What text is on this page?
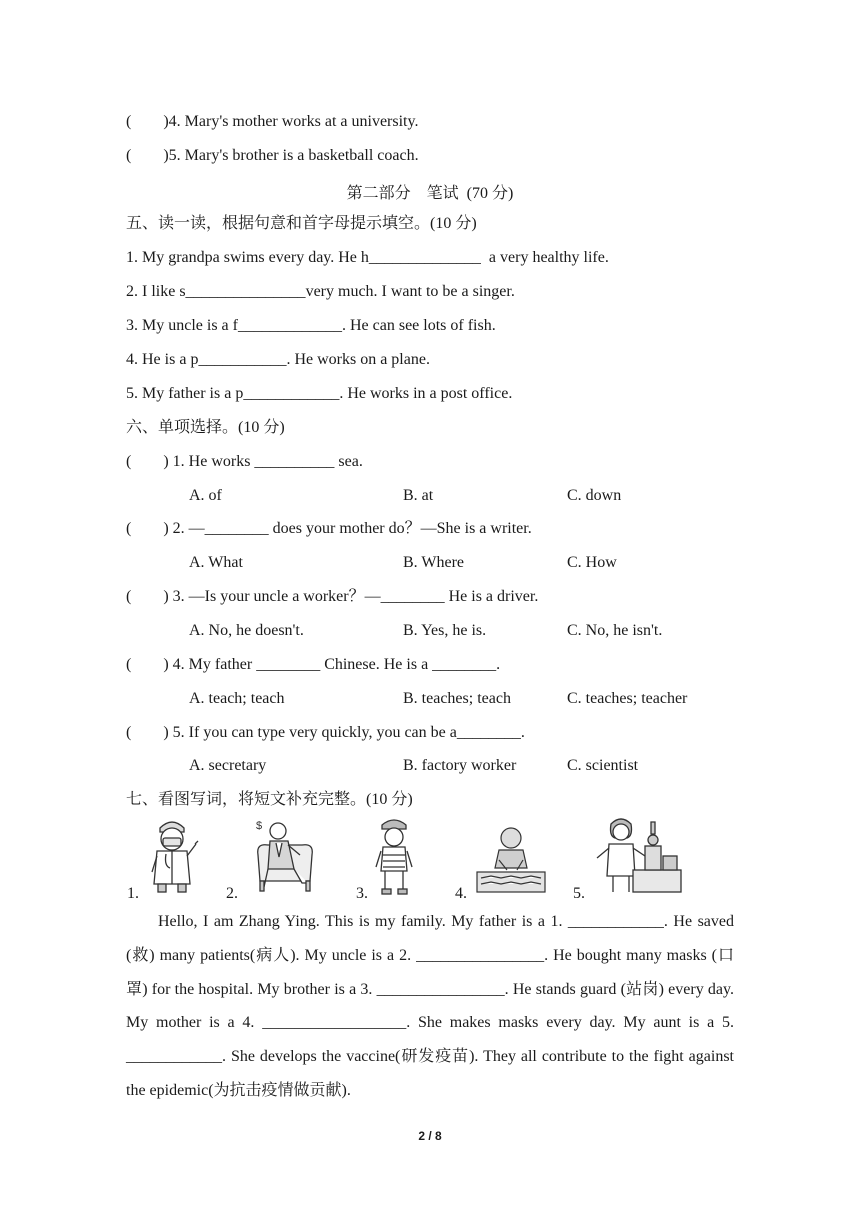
(        )4. Mary's mother works at a university.
(        )5. Mary's brother is a basketball coach.
第二部分    笔试  (70 分)
五、读一读，根据句意和首字母提示填空。(10 分)
1. My grandpa swims every day. He h______________  a very healthy life.
2. I like s_______________very much. I want to be a singer.
3. My uncle is a f_____________. He can see lots of fish.
4. He is a p___________. He works on a plane.
5. My father is a p____________. He works in a post office.
六、单项选择。(10 分)
(        ) 1. He works __________ sea.
A. of	B. at	C. down
(        ) 2. —________ does your mother do？—She is a writer.
A. What	B. Where	C. How
(        ) 3. —Is your uncle a worker？—________ He is a driver.
A. No, he doesn't.	B. Yes, he is.	C. No, he isn't.
(        ) 4. My father ________ Chinese. He is a ________.
A. teach; teach	B. teaches; teach	C. teaches; teacher
(        ) 5. If you can type very quickly, you can be a________.
A. secretary	B. factory worker	C. scientist
七、看图写词，将短文补充完整。(10 分)
1.	2.	3.	4.	5.
$

Hello, I am Zhang Ying. This is my family. My father is a 1. ____________. He saved (救) many patients(病人). My uncle is a 2. ________________. He bought many masks (口罩) for the hospital. My brother is a 3. ________________. He stands guard (站岗) every day. My mother is a 4. __________________. She makes masks every day. My aunt is a 5. ____________. She develops the vaccine(研发疫苗). They all contribute to the fight against the epidemic(为抗击疫情做贡献).

2 / 8
